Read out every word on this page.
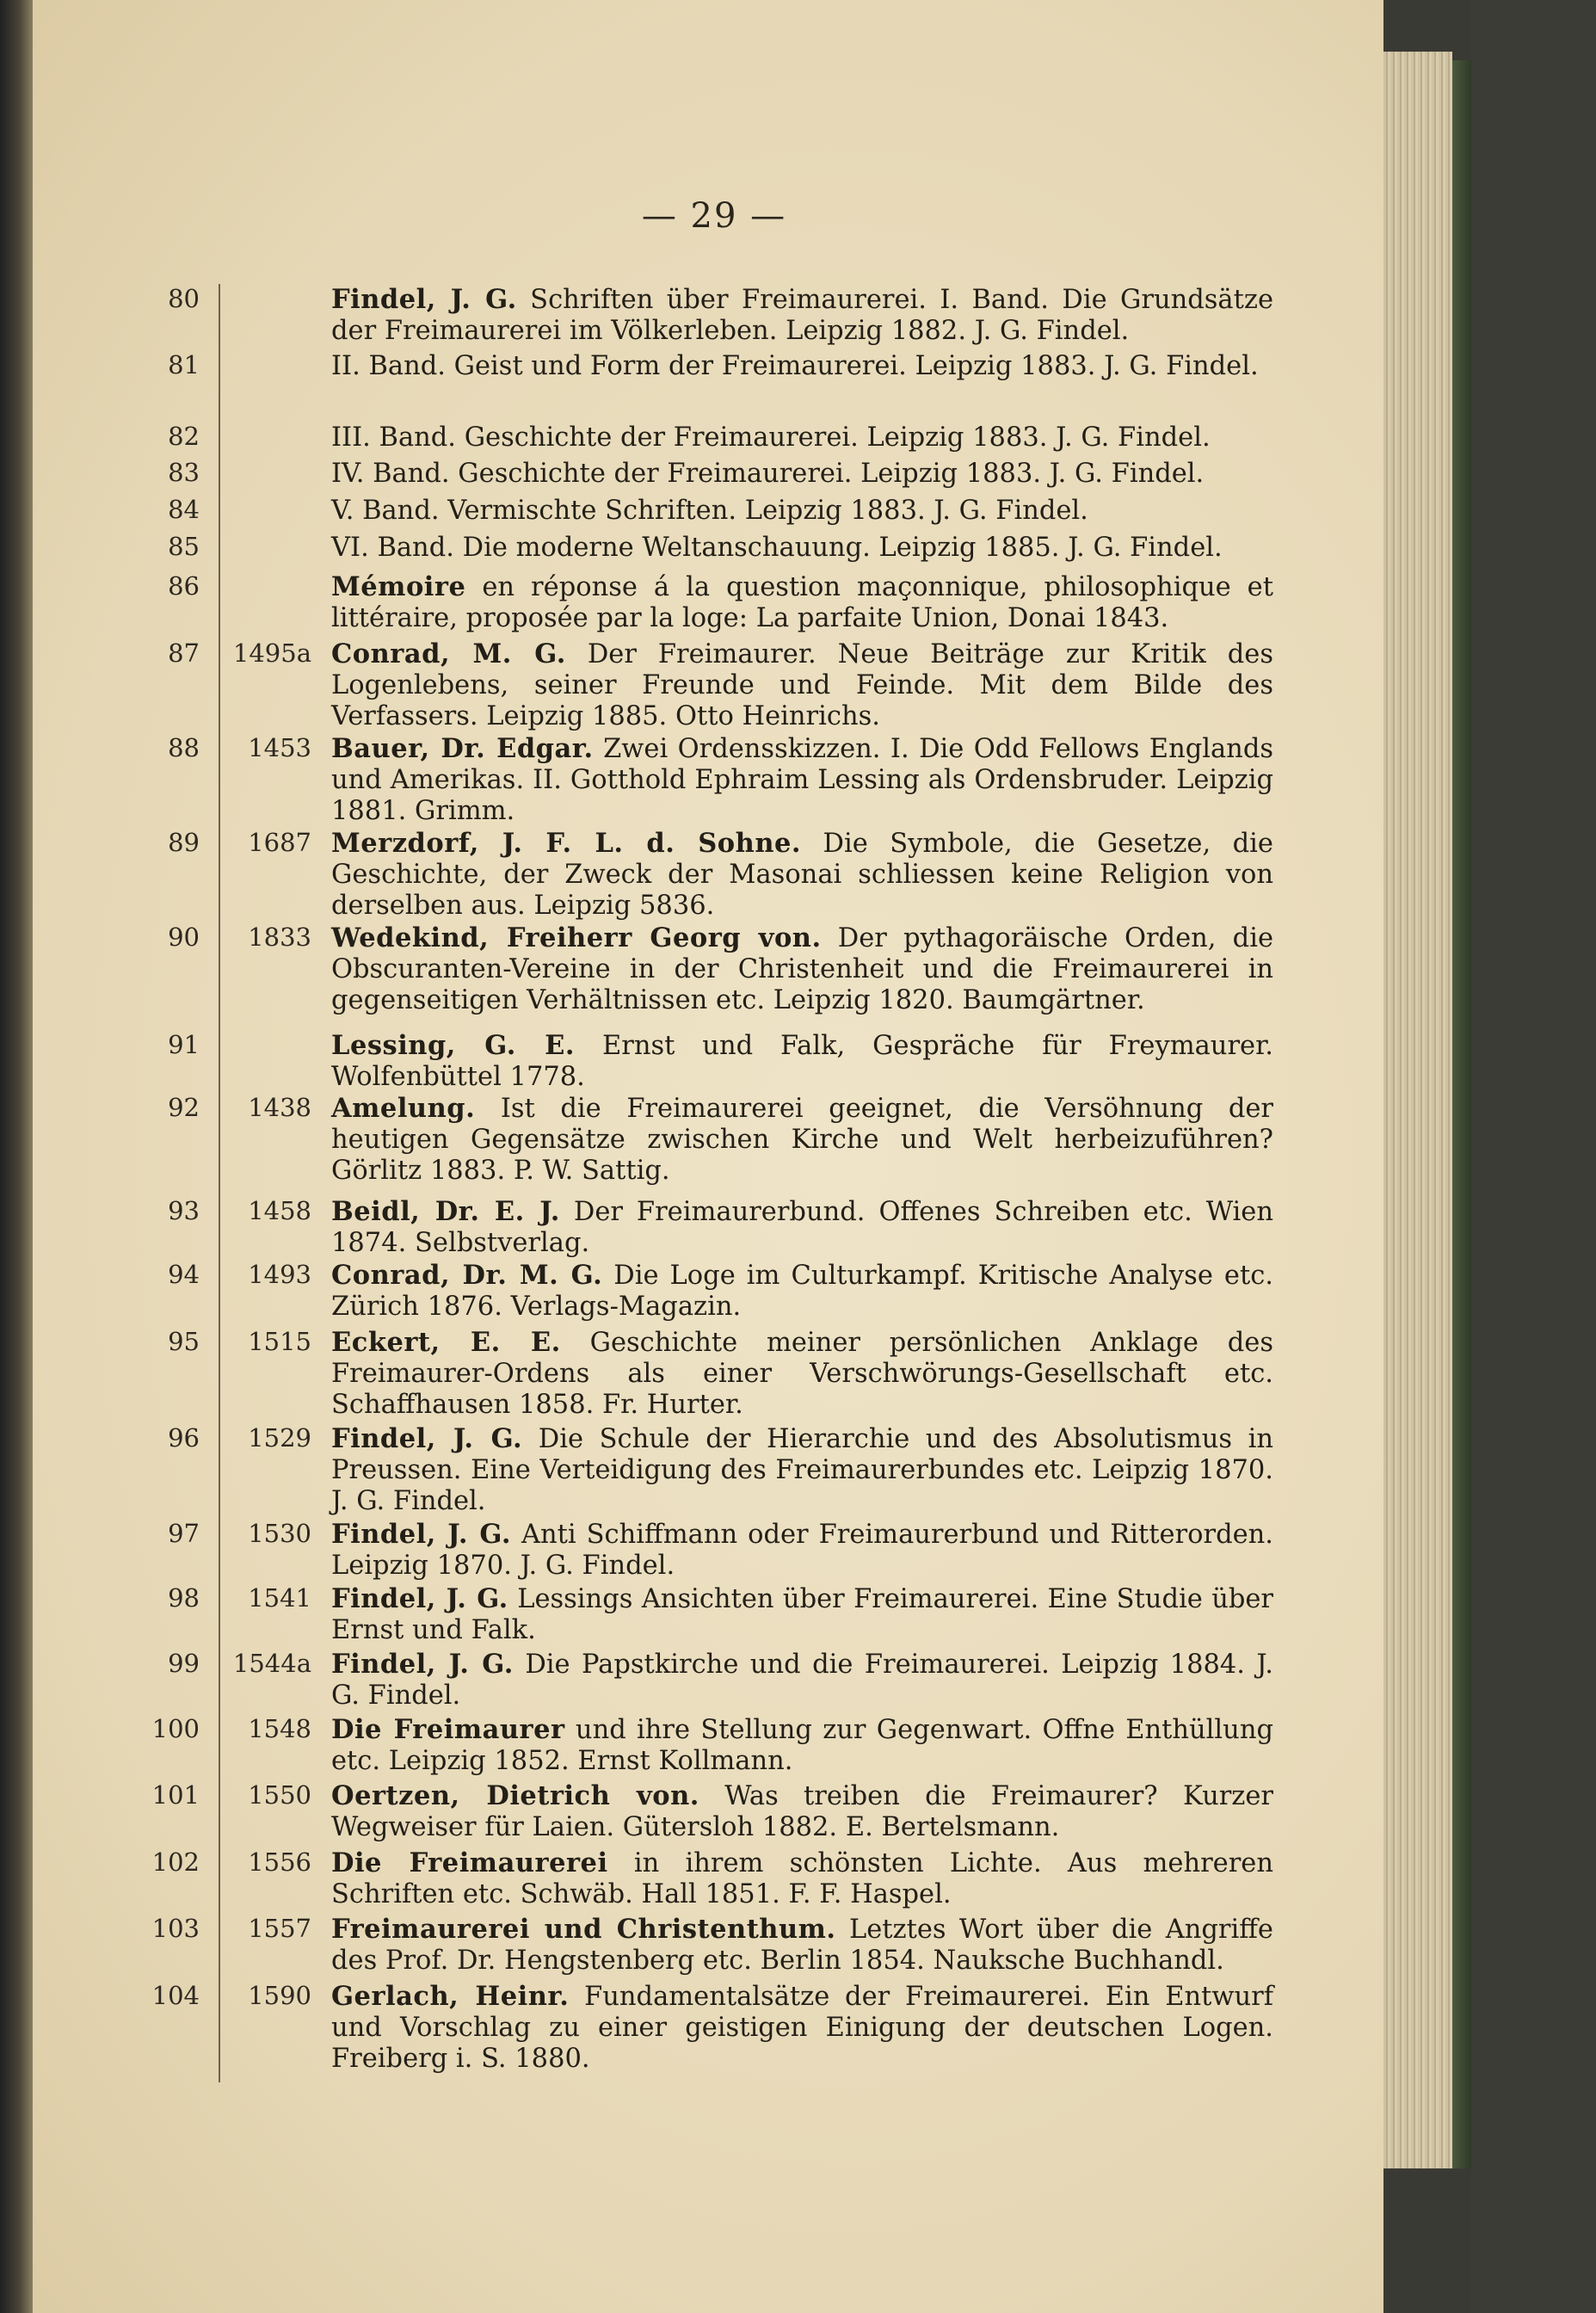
— 29 —
80	Findel, J. G. Schriften über Freimaurerei. I. Band. Die Grundsätze der Freimaurerei im Völkerleben. Leipzig 1882. J. G. Findel.
81	II. Band. Geist und Form der Freimaurerei. Leipzig 1883. J. G. Findel.
82	III. Band. Geschichte der Freimaurerei. Leipzig 1883. J. G. Findel.
83	IV. Band. Geschichte der Freimaurerei. Leipzig 1883. J. G. Findel.
84	V. Band. Vermischte Schriften. Leipzig 1883. J. G. Findel.
85	VI. Band. Die moderne Weltanschauung. Leipzig 1885. J. G. Findel.
86	Mémoire en réponse á la question maçonnique, philosophique et littéraire, proposée par la loge: La parfaite Union, Donai 1843.
87	1495a Conrad, M. G. Der Freimaurer. Neue Beiträge zur Kritik des Logenlebens, seiner Freunde und Feinde. Mit dem Bilde des Verfassers. Leipzig 1885. Otto Heinrichs.
88	1453 Bauer, Dr. Edgar. Zwei Ordensskizzen. I. Die Odd Fellows Englands und Amerikas. II. Gotthold Ephraim Lessing als Ordensbruder. Leipzig 1881. Grimm.
89	1687 Merzdorf, J. F. L. d. Sohne. Die Symbole, die Gesetze, die Geschichte, der Zweck der Masonai schliessen keine Religion von derselben aus. Leipzig 5836.
90	1833 Wedekind, Freiherr Georg von. Der pythagoräische Orden, die Obscuranten-Vereine in der Christenheit und die Freimaurerei in gegenseitigen Verhältnissen etc. Leipzig 1820. Baumgärtner.
91	Lessing, G. E. Ernst und Falk, Gespräche für Freymaurer. Wolfenbüttel 1778.
92	1438 Amelung. Ist die Freimaurerei geeignet, die Versöhnung der heutigen Gegensätze zwischen Kirche und Welt herbeizuführen? Görlitz 1883. P. W. Sattig.
93	1458 Beidl, Dr. E. J. Der Freimaurerbund. Offenes Schreiben etc. Wien 1874. Selbstverlag.
94	1493 Conrad, Dr. M. G. Die Loge im Culturkampf. Kritische Analyse etc. Zürich 1876. Verlags-Magazin.
95	1515 Eckert, E. E. Geschichte meiner persönlichen Anklage des Freimaurer-Ordens als einer Verschwörungs-Gesellschaft etc. Schaffhausen 1858. Fr. Hurter.
96	1529 Findel, J. G. Die Schule der Hierarchie und des Absolutismus in Preussen. Eine Verteidigung des Freimaurerbundes etc. Leipzig 1870. J. G. Findel.
97	1530 Findel, J. G. Anti Schiffmann oder Freimaurerbund und Ritterorden. Leipzig 1870. J. G. Findel.
98	1541 Findel, J. G. Lessings Ansichten über Freimaurerei. Eine Studie über Ernst und Falk.
99	1544a Findel, J. G. Die Papstkirche und die Freimaurerei. Leipzig 1884. J. G. Findel.
100	1548 Die Freimaurer und ihre Stellung zur Gegenwart. Offne Enthüllung etc. Leipzig 1852. Ernst Kollmann.
101	1550 Oertzen, Dietrich von. Was treiben die Freimaurer? Kurzer Wegweiser für Laien. Gütersloh 1882. E. Bertelsmann.
102	1556 Die Freimaurerei in ihrem schönsten Lichte. Aus mehreren Schriften etc. Schwäb. Hall 1851. F. F. Haspel.
103	1557 Freimaurerei und Christenthum. Letztes Wort über die Angriffe des Prof. Dr. Hengstenberg etc. Berlin 1854. Nauksche Buchhandl.
104	1590 Gerlach, Heinr. Fundamentalsätze der Freimaurerei. Ein Entwurf und Vorschlag zu einer geistigen Einigung der deutschen Logen. Freiberg i. S. 1880.
